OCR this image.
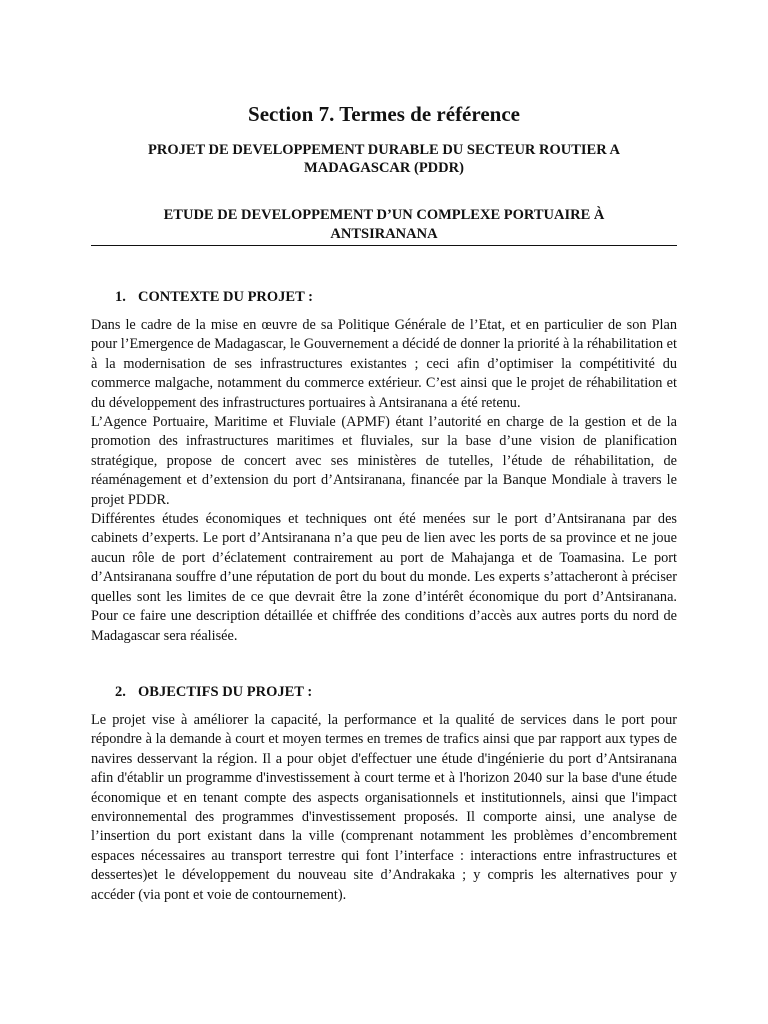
Section 7. Termes de référence
PROJET DE DEVELOPPEMENT DURABLE DU SECTEUR ROUTIER A MADAGASCAR (PDDR)
ETUDE DE DEVELOPPEMENT D’UN COMPLEXE PORTUAIRE À ANTSIRANANA
1. CONTEXTE DU PROJET :

Dans le cadre de la mise en œuvre de sa Politique Générale de l’Etat, et en particulier de son Plan pour l’Emergence de Madagascar, le Gouvernement a décidé de donner la priorité à la réhabilitation et à la modernisation de ses infrastructures existantes ; ceci afin d’optimiser la compétitivité du commerce malgache, notamment du commerce extérieur. C’est ainsi que le projet de réhabilitation et du développement des infrastructures portuaires à Antsiranana a été retenu.

L’Agence Portuaire, Maritime et Fluviale (APMF) étant l’autorité en charge de la gestion et de la promotion des infrastructures maritimes et fluviales, sur la base d’une vision de planification stratégique, propose de concert avec ses ministères de tutelles, l’étude de réhabilitation, de réaménagement et d’extension du port d’Antsiranana, financée par la Banque Mondiale à travers le projet PDDR.

Différentes études économiques et techniques ont été menées sur le port d’Antsiranana par des cabinets d’experts. Le port d’Antsiranana n’a que peu de lien avec les ports de sa province et ne joue aucun rôle de port d’éclatement contrairement au port de Mahajanga et de Toamasina. Le port d’Antsiranana souffre d’une réputation de port du bout du monde. Les experts s’attacheront à préciser quelles sont les limites de ce que devrait être la zone d’intérêt économique du port d’Antsiranana. Pour ce faire une description détaillée et chiffrée des conditions d’accès aux autres ports du nord de Madagascar sera réalisée.

2. OBJECTIFS DU PROJET :

Le projet vise à améliorer la capacité, la performance et la qualité de services dans le port pour répondre à la demande à court et moyen termes en tremes de trafics ainsi que par rapport aux types de navires desservant la région. Il a pour objet d'effectuer une étude d'ingénierie du port d’Antsiranana afin d'établir un programme d'investissement à court terme et à l'horizon 2040 sur la base d'une étude économique et en tenant compte des aspects organisationnels et institutionnels, ainsi que l'impact environnemental des programmes d'investissement proposés. Il comporte ainsi, une analyse de l’insertion du port existant dans la ville (comprenant notamment les problèmes d’encombrement espaces nécessaires au transport terrestre qui font l’interface : interactions entre infrastructures et dessertes)et le développement du nouveau site d’Andrakaka ; y compris les alternatives pour y accéder (via pont et voie de contournement).
